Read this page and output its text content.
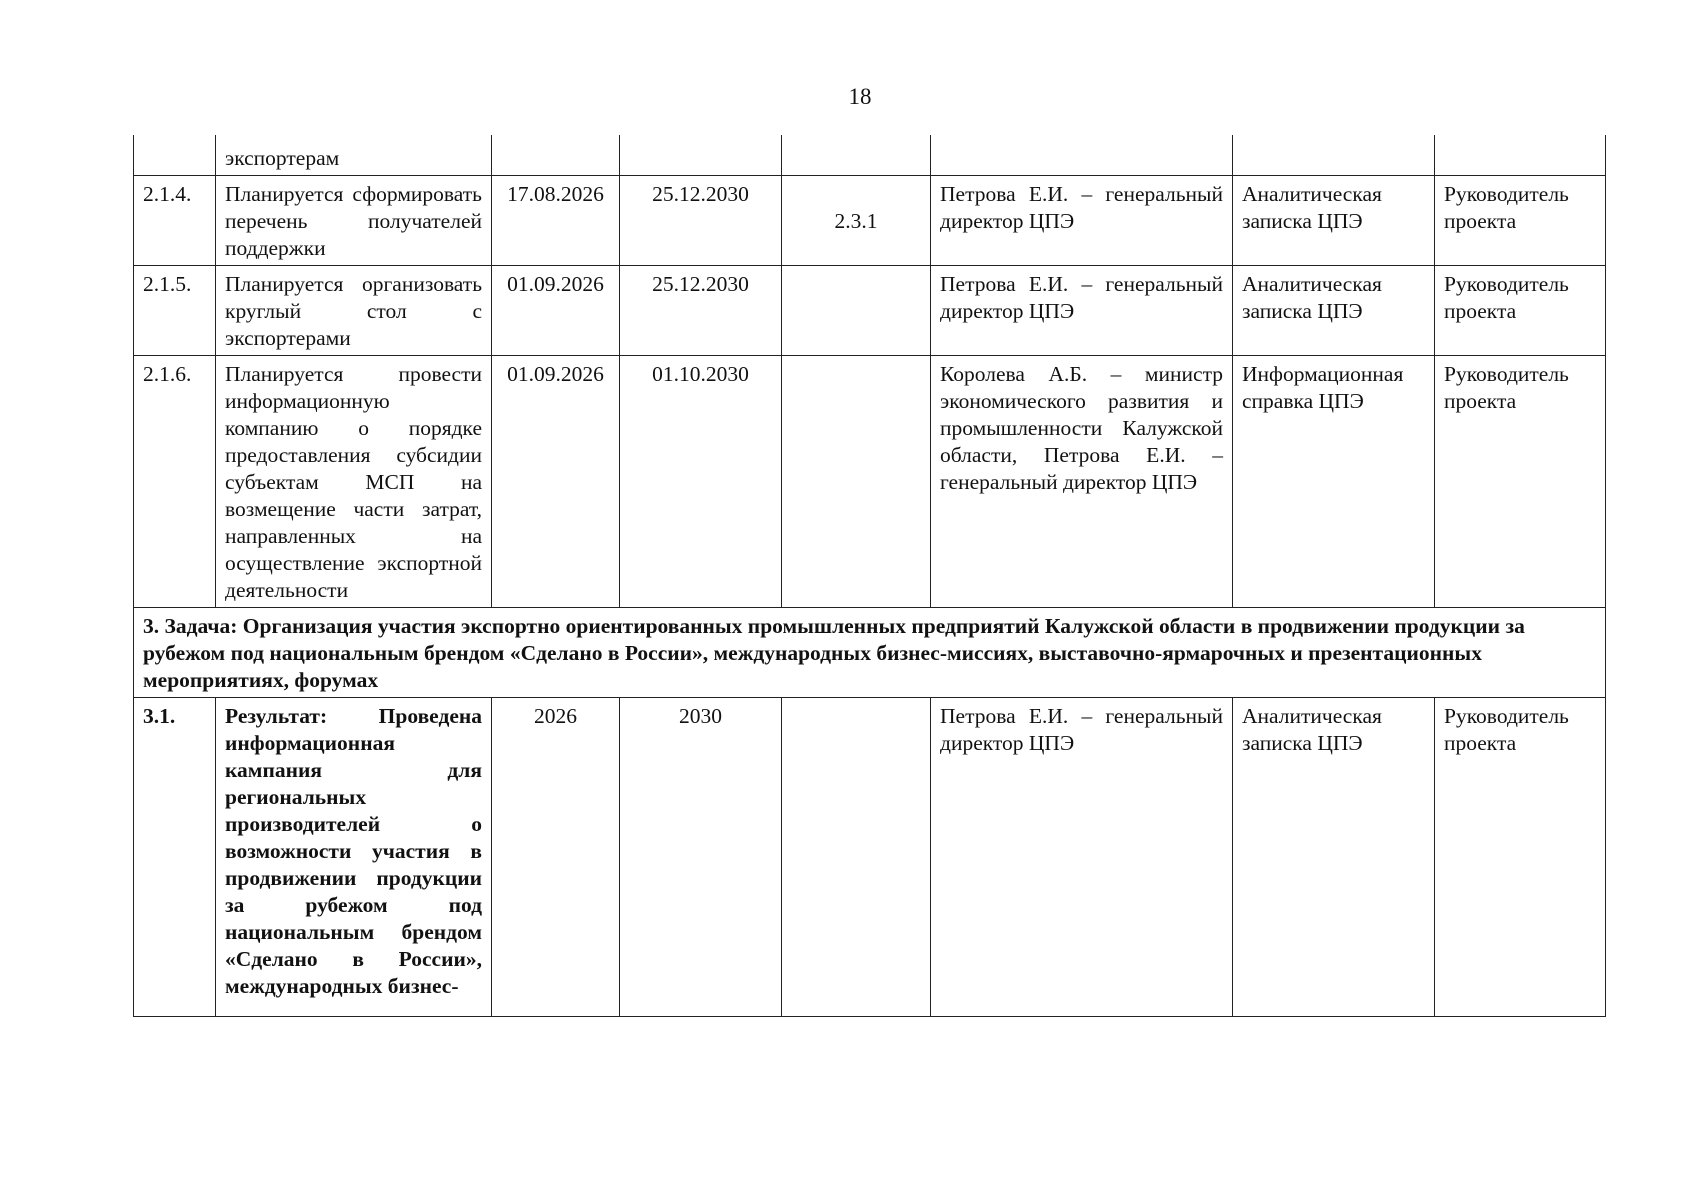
18
	экспортерам						
2.1.4.	Планируется сформировать перечень получателей поддержки	17.08.2026	25.12.2030	2.3.1	Петрова Е.И. – генеральный директор ЦПЭ	Аналитическая записка ЦПЭ	Руководитель проекта
2.1.5.	Планируется организовать круглый стол с экспортерами	01.09.2026	25.12.2030		Петрова Е.И. – генеральный директор ЦПЭ	Аналитическая записка ЦПЭ	Руководитель проекта
2.1.6.	Планируется провести информационную компанию о порядке предоставления субсидии субъектам МСП на возмещение части затрат, направленных на осуществление экспортной деятельности	01.09.2026	01.10.2030		Королева А.Б. – министр экономического развития и промышленности Калужской области, Петрова Е.И. – генеральный директор ЦПЭ	Информационная справка ЦПЭ	Руководитель проекта
3. Задача: Организация участия экспортно ориентированных промышленных предприятий Калужской области в продвижении продукции за рубежом под национальным брендом «Сделано в России», международных бизнес-миссиях, выставочно-ярмарочных и презентационных мероприятиях, форумах							
3.1.	Результат: Проведена информационная кампания для региональных производителей о возможности участия в продвижении продукции за рубежом под национальным брендом «Сделано в России», международных бизнес-	2026	2030		Петрова Е.И. – генеральный директор ЦПЭ	Аналитическая записка ЦПЭ	Руководитель проекта
